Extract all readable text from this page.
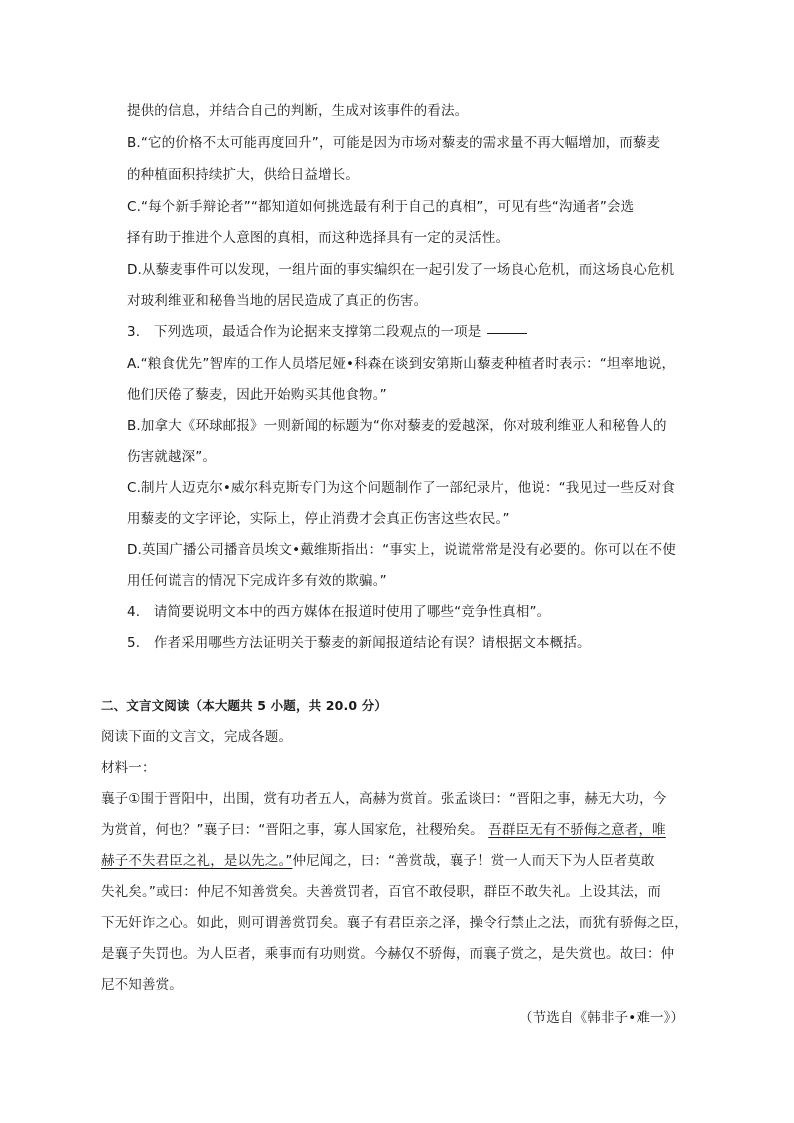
提供的信息，并结合自己的判断，生成对该事件的看法。
B.“它的价格不太可能再度回升”，可能是因为市场对藜麦的需求量不再大幅增加，而藜麦
的种植面积持续扩大，供给日益增长。
C.“每个新手辩论者”“都知道如何挑选最有利于自己的真相”，可见有些“沟通者”会选
择有助于推进个人意图的真相，而这种选择具有一定的灵活性。
D.从藜麦事件可以发现，一组片面的事实编织在一起引发了一场良心危机，而这场良心危机
对玻利维亚和秘鲁当地的居民造成了真正的伤害。
3.　下列选项，最适合作为论据来支撑第二段观点的一项是
A.“粮食优先”智库的工作人员塔尼娅•科森在谈到安第斯山藜麦种植者时表示：“坦率地说，
他们厌倦了藜麦，因此开始购买其他食物。”
B.加拿大《环球邮报》一则新闻的标题为“你对藜麦的爱越深，你对玻利维亚人和秘鲁人的
伤害就越深”。
C.制片人迈克尔•威尔科克斯专门为这个问题制作了一部纪录片，他说：“我见过一些反对食
用藜麦的文字评论，实际上，停止消费才会真正伤害这些农民。”
D.英国广播公司播音员埃文•戴维斯指出：“事实上，说谎常常是没有必要的。你可以在不使
用任何谎言的情况下完成许多有效的欺骗。”
4.　请简要说明文本中的西方媒体在报道时使用了哪些“竞争性真相”。
5.　作者采用哪些方法证明关于藜麦的新闻报道结论有误？请根据文本概括。
二、文言文阅读（本大题共 5 小题，共 20.0 分）
阅读下面的文言文，完成各题。
材料一：
襄子①围于晋阳中，出围，赏有功者五人，高赫为赏首。张孟谈曰：“晋阳之事，赫无大功，今
为赏首，何也？”襄子曰：“晋阳之事，寡人国家危，社稷殆矣。 吾群臣无有不骄侮之意者，唯
赫子不失君臣之礼，是以先之。”仲尼闻之，曰：“善赏哉，襄子！赏一人而天下为人臣者莫敢
失礼矣。”或曰：仲尼不知善赏矣。夫善赏罚者，百官不敢侵职，群臣不敢失礼。上设其法，而
下无奸诈之心。如此，则可谓善赏罚矣。襄子有君臣亲之泽，操令行禁止之法，而犹有骄侮之臣，
是襄子失罚也。为人臣者，乘事而有功则赏。今赫仅不骄侮，而襄子赏之，是失赏也。故曰：仲
尼不知善赏。
（节选自《韩非子•难一》）
